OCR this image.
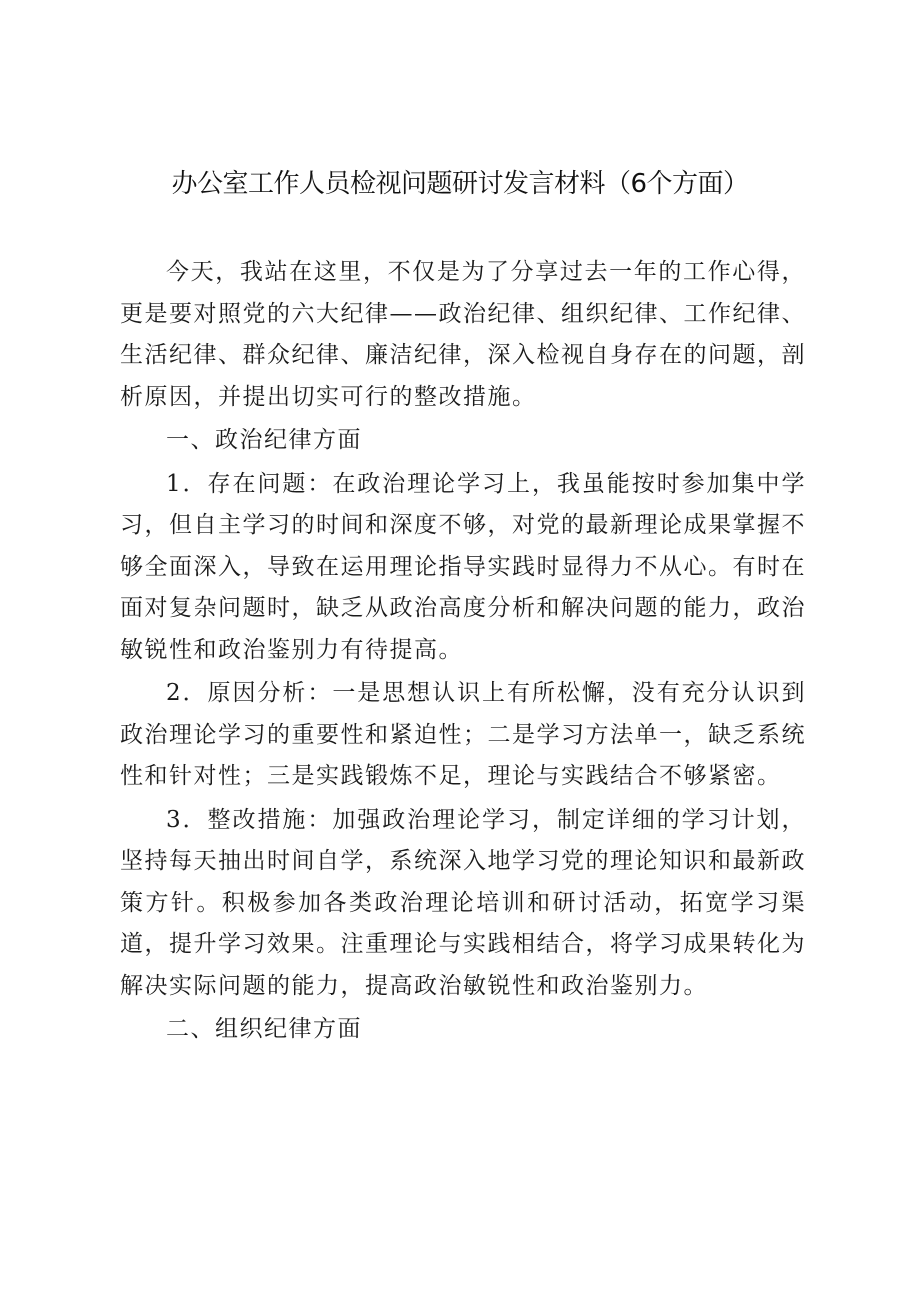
办公室工作人员检视问题研讨发言材料（6个方面）

今天，我站在这里，不仅是为了分享过去一年的工作心得，更是要对照党的六大纪律——政治纪律、组织纪律、工作纪律、生活纪律、群众纪律、廉洁纪律，深入检视自身存在的问题，剖析原因，并提出切实可行的整改措施。

一、政治纪律方面

1．存在问题：在政治理论学习上，我虽能按时参加集中学习，但自主学习的时间和深度不够，对党的最新理论成果掌握不够全面深入，导致在运用理论指导实践时显得力不从心。有时在面对复杂问题时，缺乏从政治高度分析和解决问题的能力，政治敏锐性和政治鉴别力有待提高。

2．原因分析：一是思想认识上有所松懈，没有充分认识到政治理论学习的重要性和紧迫性；二是学习方法单一，缺乏系统性和针对性；三是实践锻炼不足，理论与实践结合不够紧密。

3．整改措施：加强政治理论学习，制定详细的学习计划，坚持每天抽出时间自学，系统深入地学习党的理论知识和最新政策方针。积极参加各类政治理论培训和研讨活动，拓宽学习渠道，提升学习效果。注重理论与实践相结合，将学习成果转化为解决实际问题的能力，提高政治敏锐性和政治鉴别力。

二、组织纪律方面
